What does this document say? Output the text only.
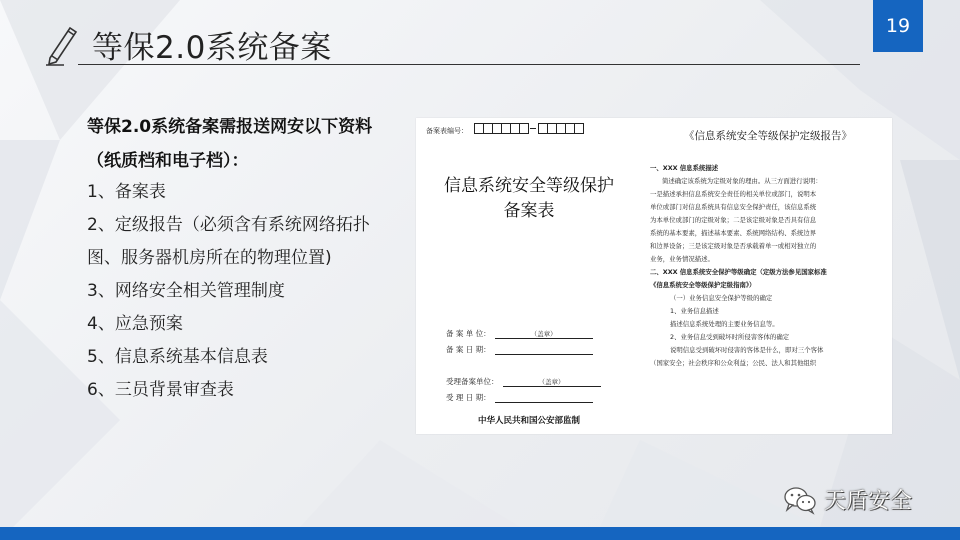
等保2.0系统备案
19
等保2.0系统备案需报送网安以下资料（纸质档和电子档）：
1、备案表
2、定级报告（必须含有系统网络拓扑图、服务器机房所在的物理位置)
3、网络安全相关管理制度
4、应急预案
5、信息系统基本信息表
6、三员背景审查表
备案表编号：
信息系统安全等级保护
备案表
备 案 单 位：	（盖章）
备 案 日 期：
受理备案单位：	（盖章）
受 理 日 期：
中华人民共和国公安部监制
《信息系统安全等级保护定级报告》
一、XXX 信息系统描述
简述确定该系统为定级对象的理由。从三方面进行说明：
一是描述承担信息系统安全责任的相关单位或部门，说明本
单位或部门对信息系统具有信息安全保护责任，该信息系统
为本单位或部门的定级对象；二是该定级对象是否具有信息
系统的基本要素，描述基本要素、系统网络结构、系统边界
和边界设备；三是该定级对象是否承载着单一或相对独立的
业务，业务情况描述。
二、XXX 信息系统安全保护等级确定（定级方法参见国家标准
《信息系统安全等级保护定级指南》）
（一）业务信息安全保护等级的确定
1、业务信息描述
描述信息系统处理的主要业务信息等。
2、业务信息受到破坏时所侵害客体的确定
说明信息受到破坏时侵害的客体是什么，即对三个客体
（国家安全；社会秩序和公众利益；公民、法人和其他组织
天盾安全
